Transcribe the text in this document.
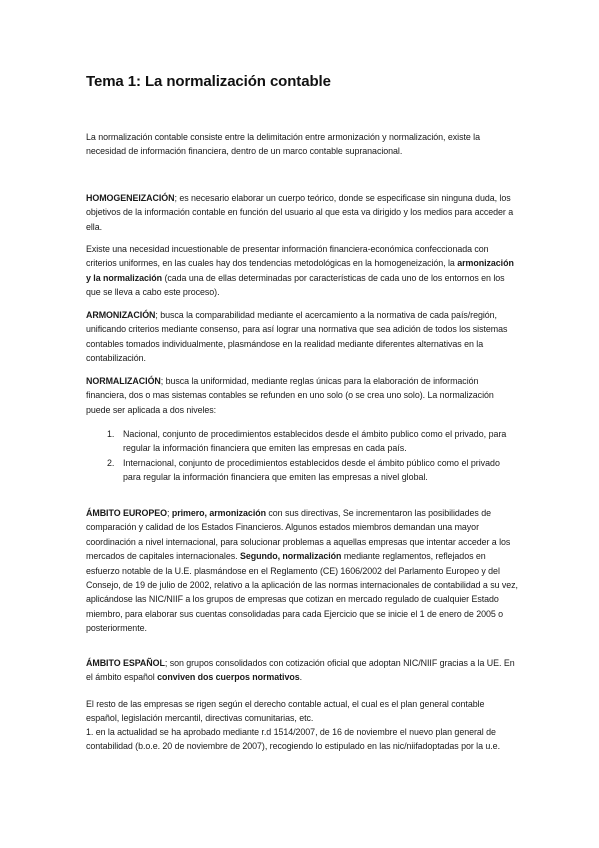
Tema 1: La normalización contable

La normalización contable consiste entre la delimitación entre armonización y normalización, existe la necesidad de información financiera, dentro de un marco contable supranacional.

HOMOGENEIZACIÓN; es necesario elaborar un cuerpo teórico, donde se especificase sin ninguna duda, los objetivos de la información contable en función del usuario al que esta va dirigido y los medios para acceder a ella.

Existe una necesidad incuestionable de presentar información financiera-económica confeccionada con criterios uniformes, en las cuales hay dos tendencias metodológicas en la homogeneización, la armonización y la normalización (cada una de ellas determinadas por características de cada uno de los entornos en los que se lleva a cabo este proceso).

ARMONIZACIÓN; busca la comparabilidad mediante el acercamiento a la normativa de cada país/región, unificando criterios mediante consenso, para así lograr una normativa que sea adición de todos los sistemas contables tomados individualmente, plasmándose en la realidad mediante diferentes alternativas en la contabilización.

NORMALIZACIÓN; busca la uniformidad, mediante reglas únicas para la elaboración de información financiera, dos o mas sistemas contables se refunden en uno solo (o se crea uno solo). La normalización puede ser aplicada a dos niveles:

1. Nacional, conjunto de procedimientos establecidos desde el ámbito publico como el privado, para regular la información financiera que emiten las empresas en cada país.
2. Internacional, conjunto de procedimientos establecidos desde el ámbito público como el privado para regular la información financiera que emiten las empresas a nivel global.

ÁMBITO EUROPEO; primero, armonización con sus directivas, Se incrementaron las posibilidades de comparación y calidad de los Estados Financieros. Algunos estados miembros demandan una mayor coordinación a nivel internacional, para solucionar problemas a aquellas empresas que intentar acceder a los mercados de capitales internacionales. Segundo, normalización mediante reglamentos, reflejados en esfuerzo notable de la U.E. plasmándose en el Reglamento (CE) 1606/2002 del Parlamento Europeo y del Consejo, de 19 de julio de 2002, relativo a la aplicación de las normas internacionales de contabilidad a su vez, aplicándose las NIC/NIIF a los grupos de empresas que cotizan en mercado regulado de cualquier Estado miembro, para elaborar sus cuentas consolidadas para cada Ejercicio que se inicie el 1 de enero de 2005 o posteriormente.

ÁMBITO ESPAÑOL; son grupos consolidados con cotización oficial que adoptan NIC/NIIF gracias a la UE. En el ámbito español conviven dos cuerpos normativos.

El resto de las empresas se rigen según el derecho contable actual, el cual es el plan general contable español, legislación mercantil, directivas comunitarias, etc.

1. en la actualidad se ha aprobado mediante r.d 1514/2007, de 16 de noviembre el nuevo plan general de contabilidad (b.o.e. 20 de noviembre de 2007), recogiendo lo estipulado en las nic/niifadoptadas por la u.e.
